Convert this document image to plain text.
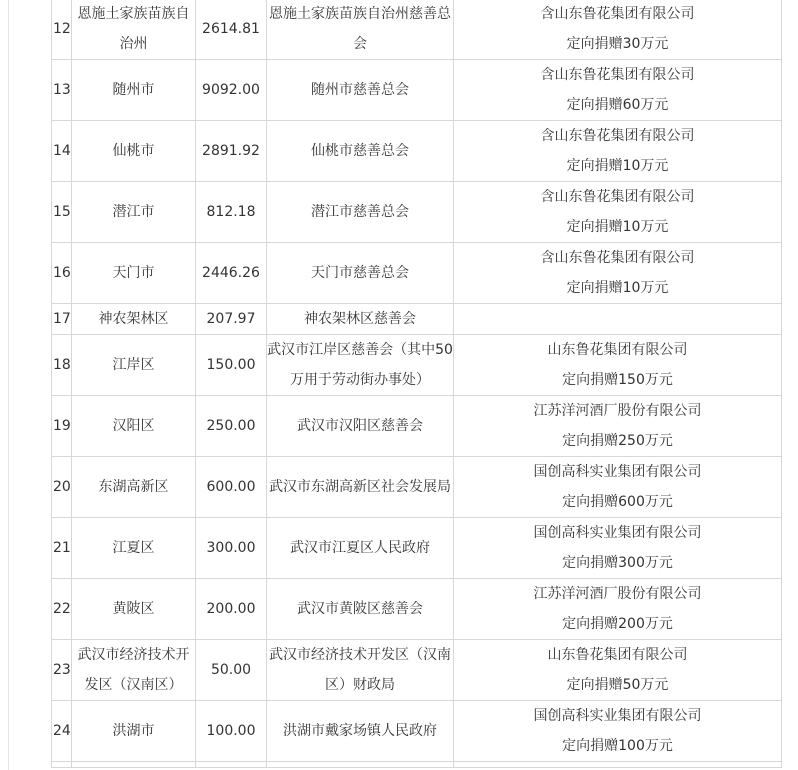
12	恩施土家族苗族自治州	2614.81	恩施土家族苗族自治州慈善总会	含山东鲁花集团有限公司
定向捐赠30万元

13	随州市	9092.00	随州市慈善总会	含山东鲁花集团有限公司
定向捐赠60万元

14	仙桃市	2891.92	仙桃市慈善总会	含山东鲁花集团有限公司
定向捐赠10万元

15	潜江市	812.18	潜江市慈善总会	含山东鲁花集团有限公司
定向捐赠10万元

16	天门市	2446.26	天门市慈善总会	含山东鲁花集团有限公司
定向捐赠10万元

17	神农架林区	207.97	神农架林区慈善会	
18	江岸区	150.00	武汉市江岸区慈善会（其中50万用于劳动街办事处）	山东鲁花集团有限公司
定向捐赠150万元

19	汉阳区	250.00	武汉市汉阳区慈善会	江苏洋河酒厂股份有限公司
定向捐赠250万元

20	东湖高新区	600.00	武汉市东湖高新区社会发展局	国创高科实业集团有限公司
定向捐赠600万元

21	江夏区	300.00	武汉市江夏区人民政府	国创高科实业集团有限公司
定向捐赠300万元

22	黄陂区	200.00	武汉市黄陂区慈善会	江苏洋河酒厂股份有限公司
定向捐赠200万元

23	武汉市经济技术开发区（汉南区）	50.00	武汉市经济技术开发区（汉南区）财政局	山东鲁花集团有限公司
定向捐赠50万元

24	洪湖市	100.00	洪湖市戴家场镇人民政府	国创高科实业集团有限公司
定向捐赠100万元
